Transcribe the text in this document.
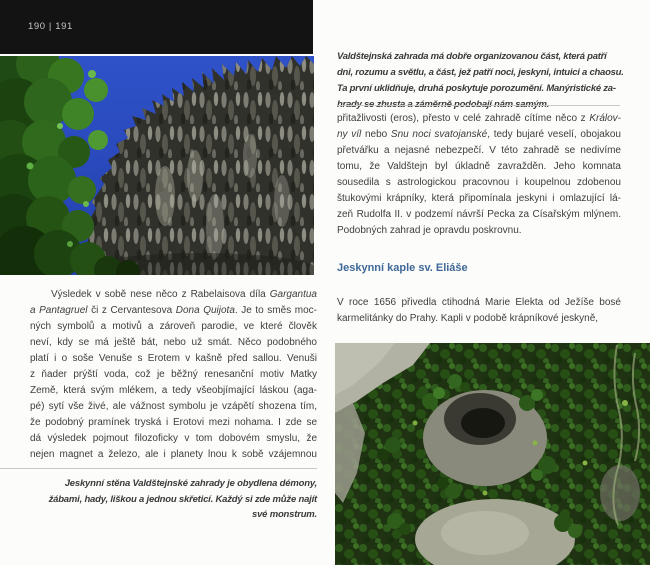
190 | 191
Výsledek v sobě nese něco z Rabelaisova díla Gargantua
a Pantagruel či z Cervantesova Dona Quijota. Je to směs moc-
ných symbolů a motivů a zároveň parodie, ve které člověk
neví, kdy se má ještě bát, nebo už smát. Něco podobného
platí i o soše Venuše s Erotem v kašně před sallou. Venuši
z ňader prýští voda, což je běžný renesanční motiv Matky
Země, která svým mlékem, a tedy všeobjímající láskou (aga-
pé) sytí vše živé, ale vážnost symbolu je vzápětí shozena tím,
že podobný pramínek tryská i Erotovi mezi nohama. I zde se
dá výsledek pojmout filozoficky v tom dobovém smyslu, že
nejen magnet a železo, ale i planety lnou k sobě vzájemnou
Jeskynní stěna Valdštejnské zahrady je obydlena démony,
žábami, hady, liškou a jednou skřeticí. Každý si zde může najít
své monstrum.
Valdštejnská zahrada má dobře organizovanou část, která patří
dni, rozumu a světlu, a část, jež patří noci, jeskyni, intuici a chaosu.
Ta první uklidňuje, druhá poskytuje porozumění. Manýristické za-
přitažlivosti (eros), přesto v celé zahradě cítíme něco z Králov-
ny víl nebo Snu noci svatojanské, tedy bujaré veselí, obojakou
přetvářku a nejasné nebezpečí. V této zahradě se nedivíme
tomu, že Valdštejn byl úkladně zavražděn. Jeho komnata
sousedila s astrologickou pracovnou i koupelnou zdobenou
štukovými krápníky, která připomínala jeskyni i omlazující lá-
zeň Rudolfa II. v podzemí návrší Pecka za Císařským mlýnem.
Podobných zahrad je opravdu poskrovnu.
Jeskynní kaple sv. Eliáše
V roce 1656 přivedla ctihodná Marie Elekta od Ježíše bosé
karmelitánky do Prahy. Kapli v podobě krápníkové jeskyně,
